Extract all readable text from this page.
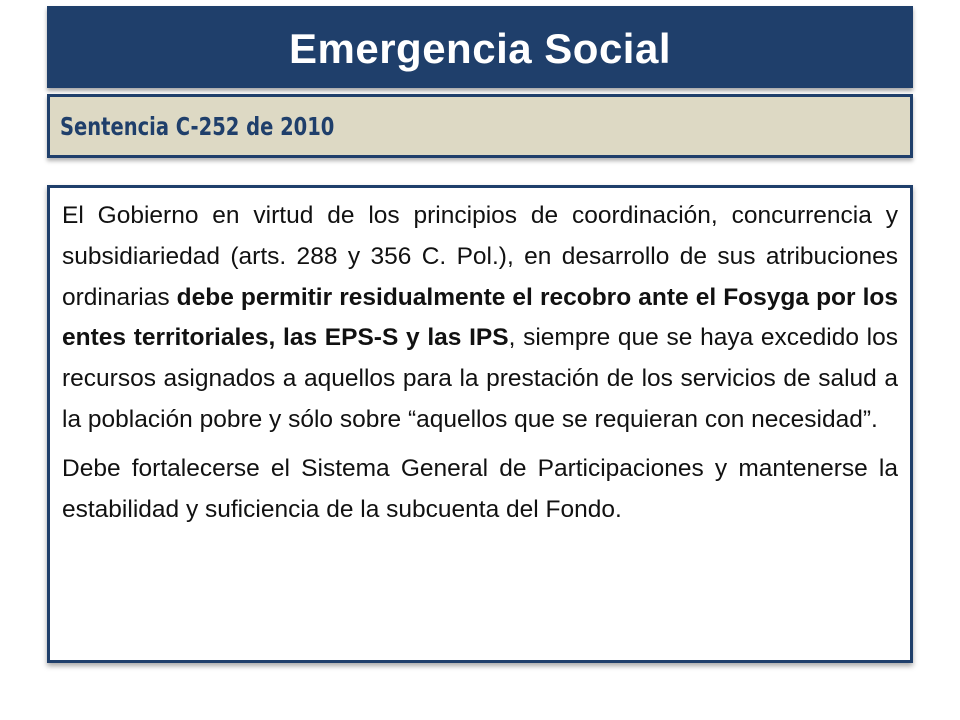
Emergencia Social
Sentencia C-252 de 2010

El Gobierno en virtud de los principios de coordinación, concurrencia y subsidiariedad (arts. 288 y 356 C. Pol.), en desarrollo de sus atribuciones ordinarias debe permitir residualmente el recobro ante el Fosyga por los entes territoriales, las EPS-S y las IPS, siempre que se haya excedido los recursos asignados a aquellos para la prestación de los servicios de salud a la población pobre y sólo sobre “aquellos que se requieran con necesidad”.

Debe fortalecerse el Sistema General de Participaciones y mantenerse la estabilidad y suficiencia de la subcuenta del Fondo.
